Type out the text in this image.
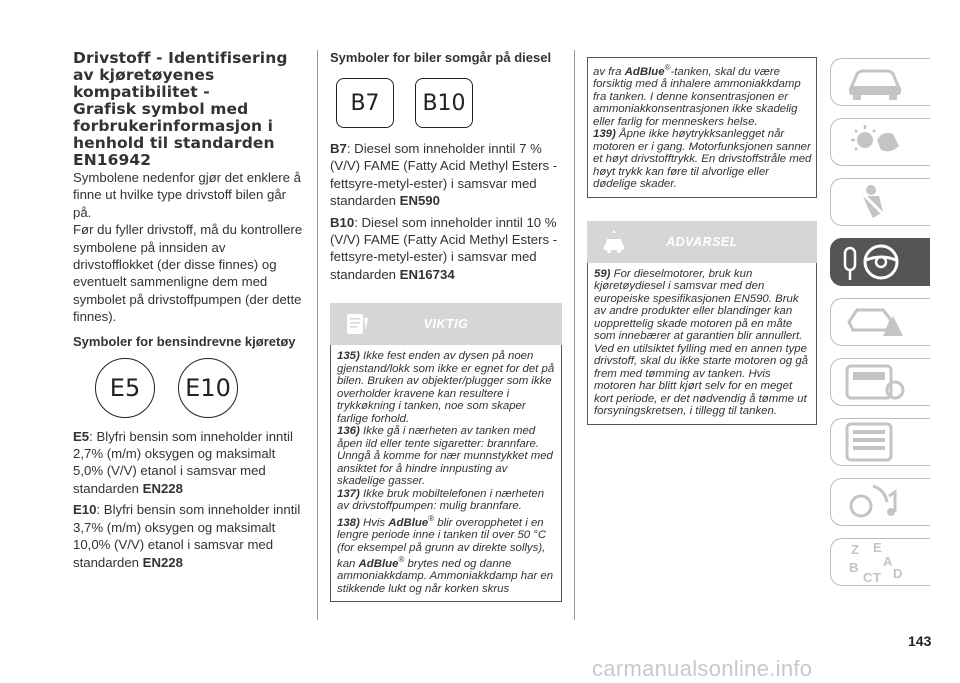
Drivstoff - Identifisering
av kjøretøyenes
kompatibilitet -
Grafisk symbol med
forbrukerinformasjon i
henhold til standarden
EN16942

Symbolene nedenfor gjør det enklere å finne ut hvilke type drivstoff bilen går på.

Før du fyller drivstoff, må du kontrollere symbolene på innsiden av drivstofflokket (der disse finnes) og eventuelt sammenligne dem med symbolet på drivstoffpumpen (der dette finnes).

Symboler for bensindrevne kjøretøy
E5	E10

E5: Blyfri bensin som inneholder inntil 2,7% (m/m) oksygen og maksimalt 5,0% (V/V) etanol i samsvar med standarden EN228

E10: Blyfri bensin som inneholder inntil 3,7% (m/m) oksygen og maksimalt 10,0% (V/V) etanol i samsvar med standarden EN228

Symboler for biler somgår på diesel
B7	B10

B7: Diesel som inneholder inntil 7 % (V/V) FAME (Fatty Acid Methyl Esters - fettsyre-metyl-ester) i samsvar med standarden EN590

B10: Diesel som inneholder inntil 10 % (V/V) FAME (Fatty Acid Methyl Esters - fettsyre-metyl-ester) i samsvar med standarden EN16734

VIKTIG

135) Ikke fest enden av dysen på noen gjenstand/lokk som ikke er egnet for det på bilen. Bruken av objekter/plugger som ikke overholder kravene kan resultere i trykkøkning i tanken, noe som skaper farlige forhold.

136) Ikke gå i nærheten av tanken med åpen ild eller tente sigaretter: brannfare. Unngå å komme for nær munnstykket med ansiktet for å hindre innpusting av skadelige gasser.

137) Ikke bruk mobiltelefonen i nærheten av drivstoffpumpen: mulig brannfare.

138) Hvis AdBlue® blir overopphetet i en lengre periode inne i tanken til over 50 °C (for eksempel på grunn av direkte sollys), kan AdBlue® brytes ned og danne ammoniakkdamp. Ammoniakkdamp har en stikkende lukt og når korken skrus

av fra AdBlue®-tanken, skal du være forsiktig med å inhalere ammoniakkdamp fra tanken. I denne konsentrasjonen er ammoniakkonsentrasjonen ikke skadelig eller farlig for menneskers helse.

139) Åpne ikke høytrykksanlegget når motoren er i gang. Motorfunksjonen sanner et høyt drivstofftrykk. En drivstoffstråle med høyt trykk kan føre til alvorlige eller dødelige skader.

ADVARSEL

59) For dieselmotorer, bruk kun kjøretøydiesel i samsvar med den europeiske spesifikasjonen EN590. Bruk av andre produkter eller blandinger kan uopprettelig skade motoren på en måte som innebærer at garantien blir annullert. Ved en utilsiktet fylling med en annen type drivstoff, skal du ikke starte motoren og gå frem med tømming av tanken. Hvis motoren har blitt kjørt selv for en meget kort periode, er det nødvendig å tømme ut forsyningskretsen, i tillegg til tanken.

Z E
A
B
C D
T
143
carmanualsonline.info
